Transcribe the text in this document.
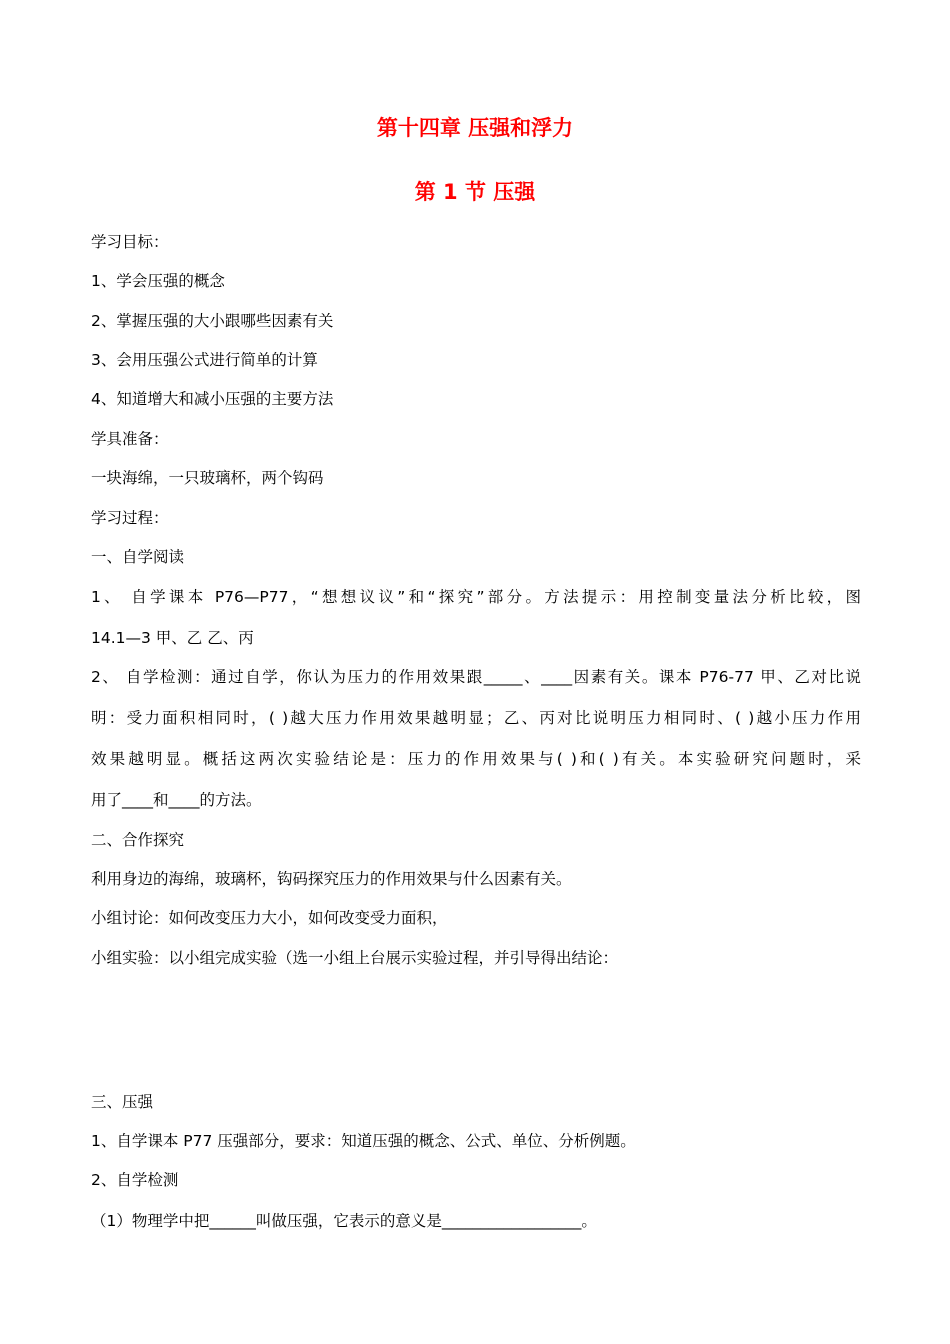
第十四章 压强和浮力
第 1 节 压强
学习目标：
1、学会压强的概念
2、掌握压强的大小跟哪些因素有关
3、会用压强公式进行简单的计算
4、知道增大和减小压强的主要方法
学具准备：
一块海绵，一只玻璃杯，两个钩码
学习过程：
一、自学阅读
1、 自学课本 P76—P77，“想想议议”和“探究”部分。方法提示：用控制变量法分析比较，图
14.1—3 甲、乙 乙、丙
2、 自学检测：通过自学，你认为压力的作用效果跟_____、____因素有关。课本 P76-77 甲、乙对比说
明：受力面积相同时，( )越大压力作用效果越明显；乙、丙对比说明压力相同时、( )越小压力作用
效果越明显。概括这两次实验结论是：压力的作用效果与( )和( )有关。本实验研究问题时，采
用了____和____的方法。
二、合作探究
利用身边的海绵，玻璃杯，钩码探究压力的作用效果与什么因素有关。
小组讨论：如何改变压力大小，如何改变受力面积，
小组实验：以小组完成实验（选一小组上台展示实验过程，并引导得出结论：
三、压强
1、自学课本 P77 压强部分，要求：知道压强的概念、公式、单位、分析例题。
2、自学检测
（1）物理学中把______叫做压强，它表示的意义是__________________。
